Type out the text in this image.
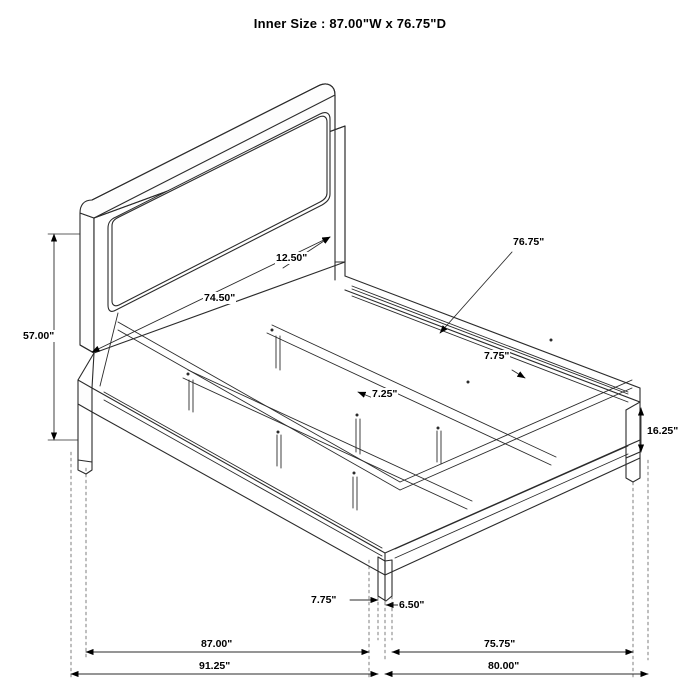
Inner Size : 87.00"W x 76.75"D
57.00"
74.50"
12.50"
76.75"
7.75"
7.25"
16.25"
7.75"	6.50"
87.00"	75.75"
91.25"	80.00"
